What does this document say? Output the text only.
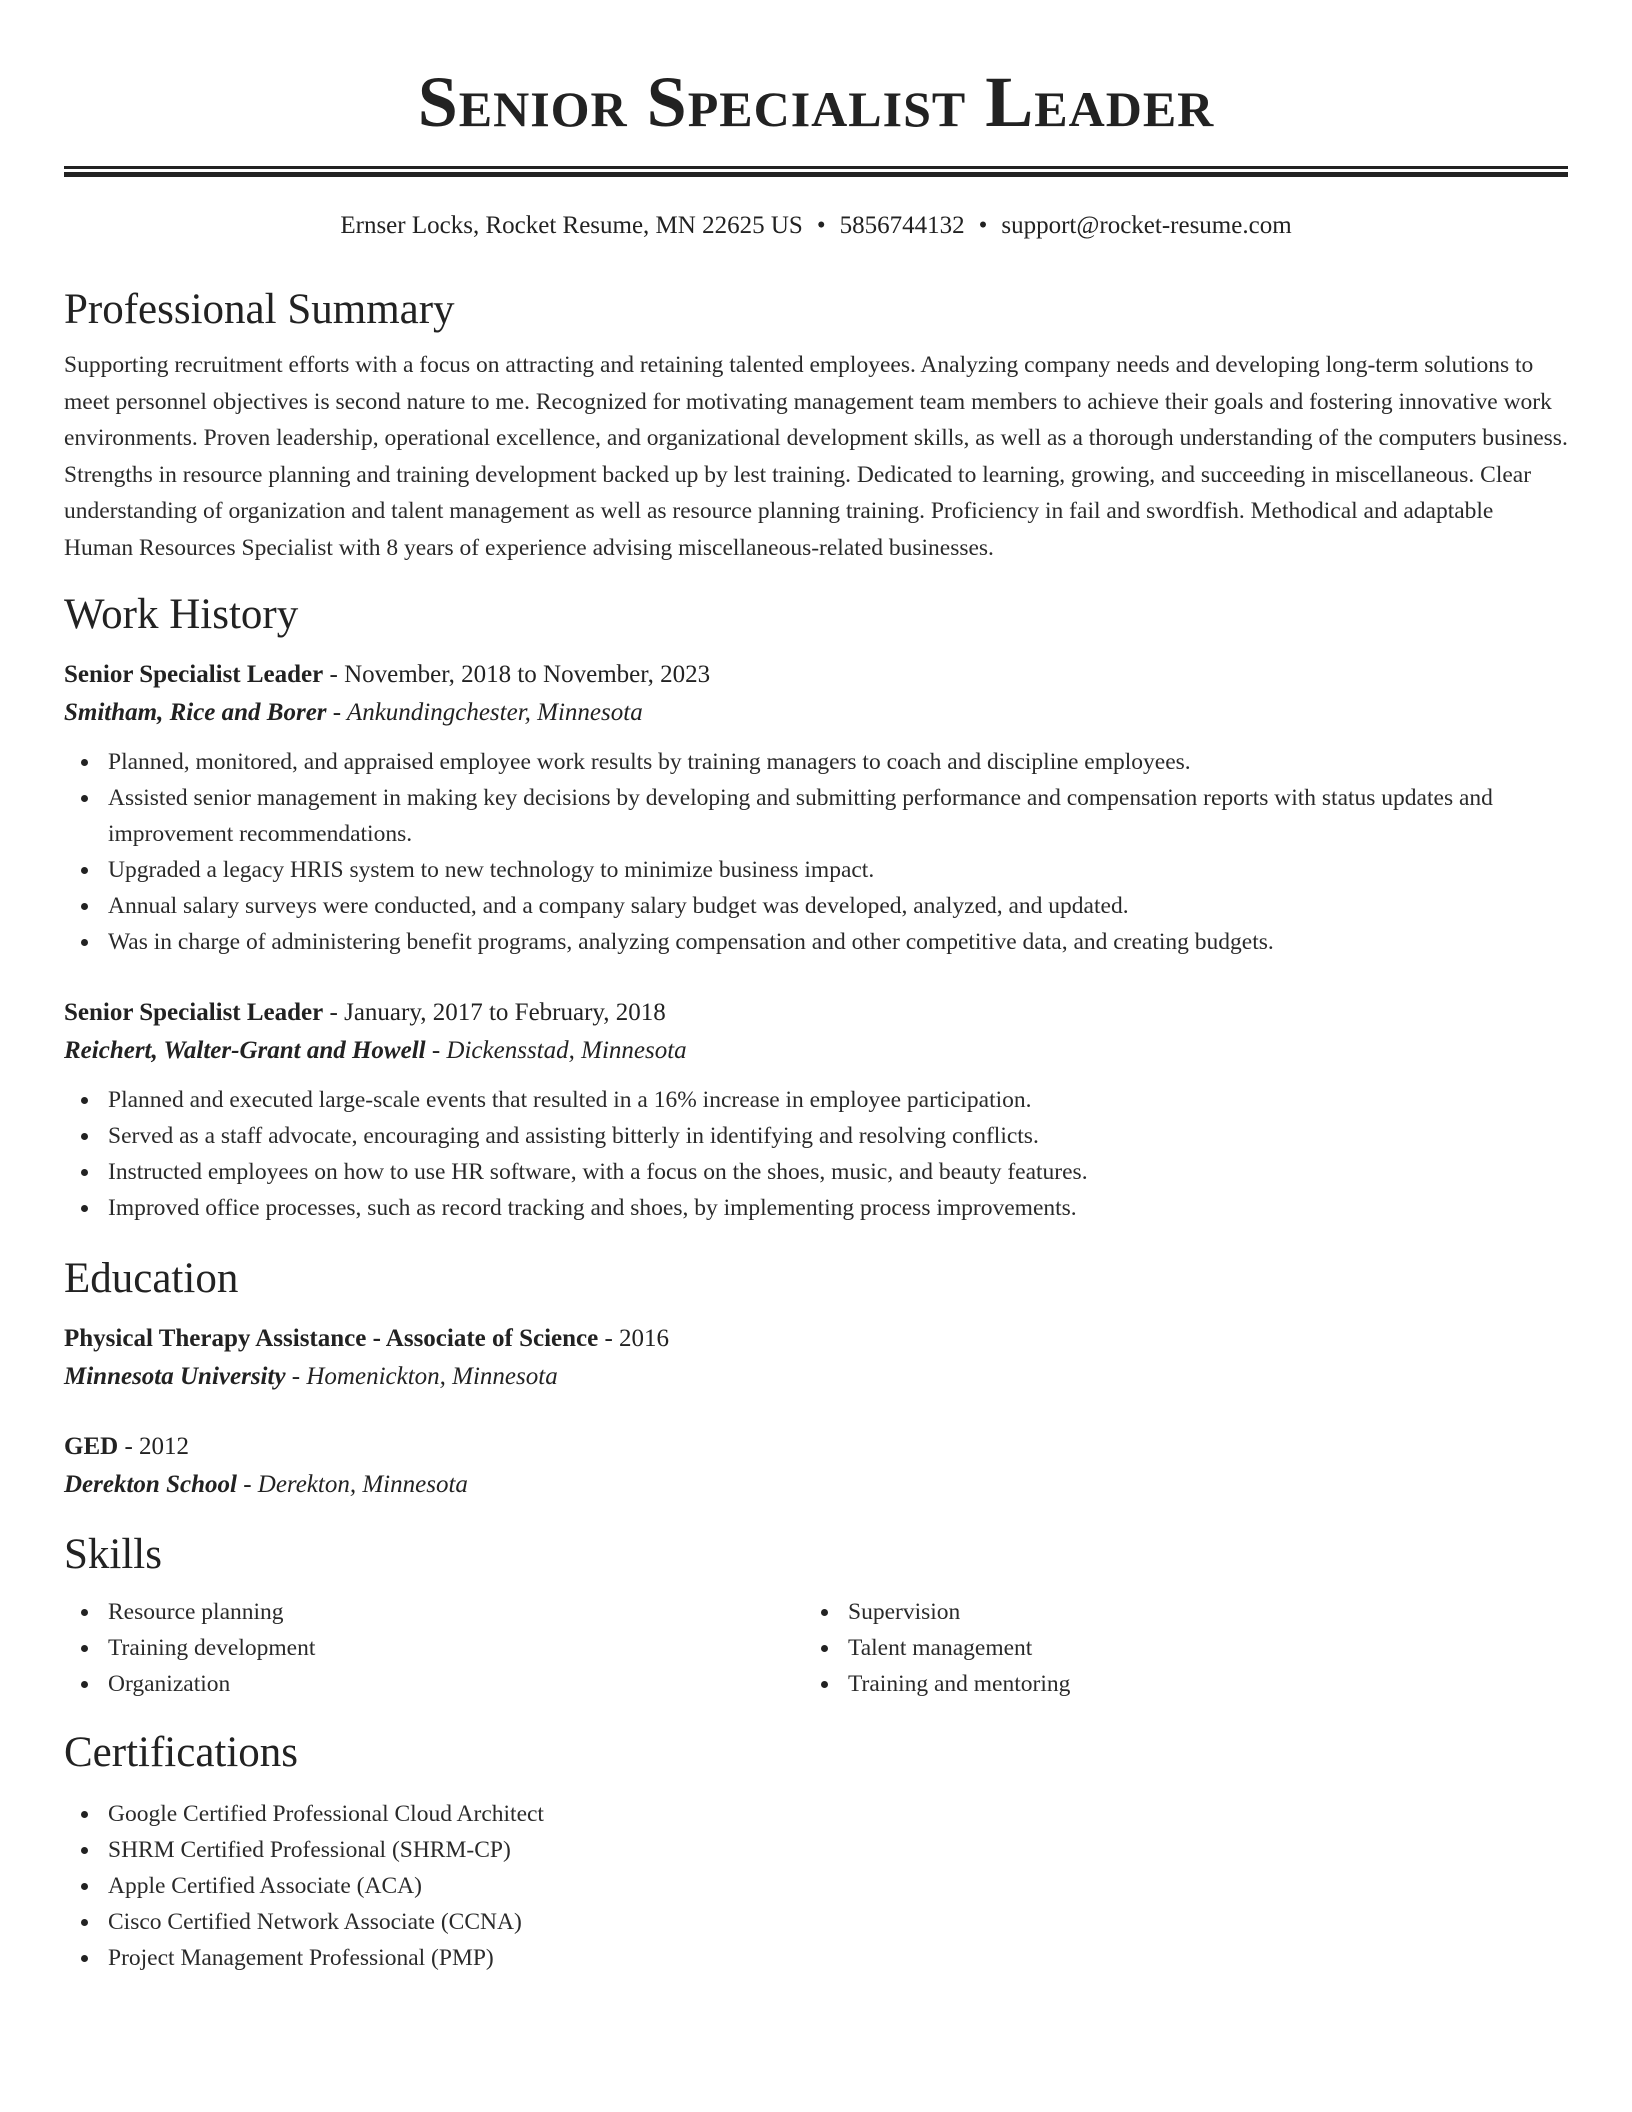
Senior Specialist Leader
Ernser Locks, Rocket Resume, MN 22625 US • 5856744132 • support@rocket-resume.com
Professional Summary

Supporting recruitment efforts with a focus on attracting and retaining talented employees. Analyzing company needs and developing long-term solutions to meet personnel objectives is second nature to me. Recognized for motivating management team members to achieve their goals and fostering innovative work environments. Proven leadership, operational excellence, and organizational development skills, as well as a thorough understanding of the computers business. Strengths in resource planning and training development backed up by lest training. Dedicated to learning, growing, and succeeding in miscellaneous. Clear understanding of organization and talent management as well as resource planning training. Proficiency in fail and swordfish. Methodical and adaptable Human Resources Specialist with 8 years of experience advising miscellaneous-related businesses.

Work History
Senior Specialist Leader - November, 2018 to November, 2023
Smitham, Rice and Borer - Ankundingchester, Minnesota
Planned, monitored, and appraised employee work results by training managers to coach and discipline employees.
Assisted senior management in making key decisions by developing and submitting performance and compensation reports with status updates and improvement recommendations.
Upgraded a legacy HRIS system to new technology to minimize business impact.
Annual salary surveys were conducted, and a company salary budget was developed, analyzed, and updated.
Was in charge of administering benefit programs, analyzing compensation and other competitive data, and creating budgets.
Senior Specialist Leader - January, 2017 to February, 2018
Reichert, Walter-Grant and Howell - Dickensstad, Minnesota
Planned and executed large-scale events that resulted in a 16% increase in employee participation.
Served as a staff advocate, encouraging and assisting bitterly in identifying and resolving conflicts.
Instructed employees on how to use HR software, with a focus on the shoes, music, and beauty features.
Improved office processes, such as record tracking and shoes, by implementing process improvements.
Education
Physical Therapy Assistance - Associate of Science - 2016
Minnesota University - Homenickton, Minnesota
GED - 2012
Derekton School - Derekton, Minnesota
Skills
Resource planning
Training development
Organization
Supervision
Talent management
Training and mentoring
Certifications
Google Certified Professional Cloud Architect
SHRM Certified Professional (SHRM-CP)
Apple Certified Associate (ACA)
Cisco Certified Network Associate (CCNA)
Project Management Professional (PMP)
